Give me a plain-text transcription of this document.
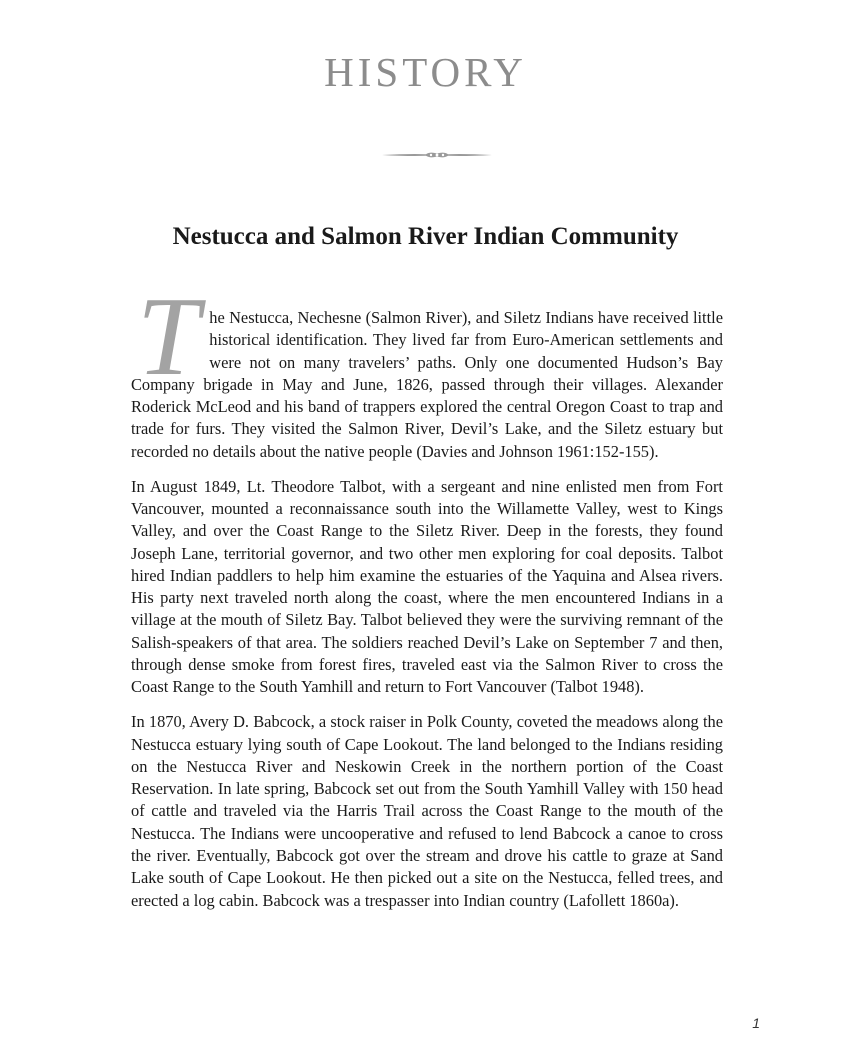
HISTORY
Nestucca and Salmon River Indian Community

The Nestucca, Nechesne (Salmon River), and Siletz Indians have received little historical identification. They lived far from Euro-American settlements and were not on many travelers’ paths. Only one documented Hudson’s Bay Company brigade in May and June, 1826, passed through their villages. Alexander Roderick McLeod and his band of trappers explored the central Oregon Coast to trap and trade for furs. They visited the Salmon River, Devil’s Lake, and the Siletz estuary but recorded no details about the native people (Davies and Johnson 1961:152-155).

In August 1849, Lt. Theodore Talbot, with a sergeant and nine enlisted men from Fort Vancouver, mounted a reconnaissance south into the Willamette Valley, west to Kings Valley, and over the Coast Range to the Siletz River. Deep in the forests, they found Joseph Lane, territorial governor, and two other men exploring for coal deposits. Talbot hired Indian paddlers to help him examine the estuaries of the Yaquina and Alsea rivers. His party next traveled north along the coast, where the men encountered Indians in a village at the mouth of Siletz Bay. Talbot believed they were the surviving remnant of the Salish-speakers of that area. The soldiers reached Devil’s Lake on September 7 and then, through dense smoke from forest fires, traveled east via the Salmon River to cross the Coast Range to the South Yamhill and return to Fort Vancouver (Talbot 1948).

In 1870, Avery D. Babcock, a stock raiser in Polk County, coveted the meadows along the Nestucca estuary lying south of Cape Lookout. The land belonged to the Indians residing on the Nestucca River and Neskowin Creek in the northern portion of the Coast Reservation. In late spring, Babcock set out from the South Yamhill Valley with 150 head of cattle and traveled via the Harris Trail across the Coast Range to the mouth of the Nestucca. The Indians were uncooperative and refused to lend Babcock a canoe to cross the river. Eventually, Babcock got over the stream and drove his cattle to graze at Sand Lake south of Cape Lookout. He then picked out a site on the Nestucca, felled trees, and erected a log cabin. Babcock was a trespasser into Indian country (Lafollett 1860a).

1
